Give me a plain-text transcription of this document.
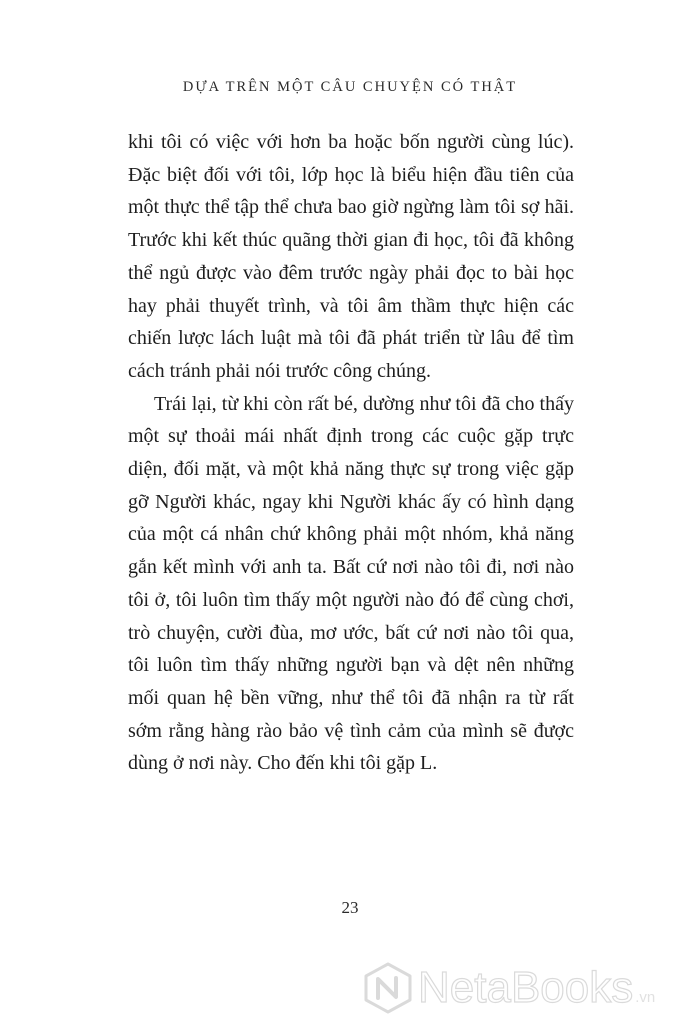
DỰA TRÊN MỘT CÂU CHUYỆN CÓ THẬT

khi tôi có việc với hơn ba hoặc bốn người cùng lúc). Đặc biệt đối với tôi, lớp học là biểu hiện đầu tiên của một thực thể tập thể chưa bao giờ ngừng làm tôi sợ hãi. Trước khi kết thúc quãng thời gian đi học, tôi đã không thể ngủ được vào đêm trước ngày phải đọc to bài học hay phải thuyết trình, và tôi âm thầm thực hiện các chiến lược lách luật mà tôi đã phát triển từ lâu để tìm cách tránh phải nói trước công chúng.

Trái lại, từ khi còn rất bé, dường như tôi đã cho thấy một sự thoải mái nhất định trong các cuộc gặp trực diện, đối mặt, và một khả năng thực sự trong việc gặp gỡ Người khác, ngay khi Người khác ấy có hình dạng của một cá nhân chứ không phải một nhóm, khả năng gắn kết mình với anh ta. Bất cứ nơi nào tôi đi, nơi nào tôi ở, tôi luôn tìm thấy một người nào đó để cùng chơi, trò chuyện, cười đùa, mơ ước, bất cứ nơi nào tôi qua, tôi luôn tìm thấy những người bạn và dệt nên những mối quan hệ bền vững, như thể tôi đã nhận ra từ rất sớm rằng hàng rào bảo vệ tình cảm của mình sẽ được dùng ở nơi này. Cho đến khi tôi gặp L.

23
NetaBooks .vn
